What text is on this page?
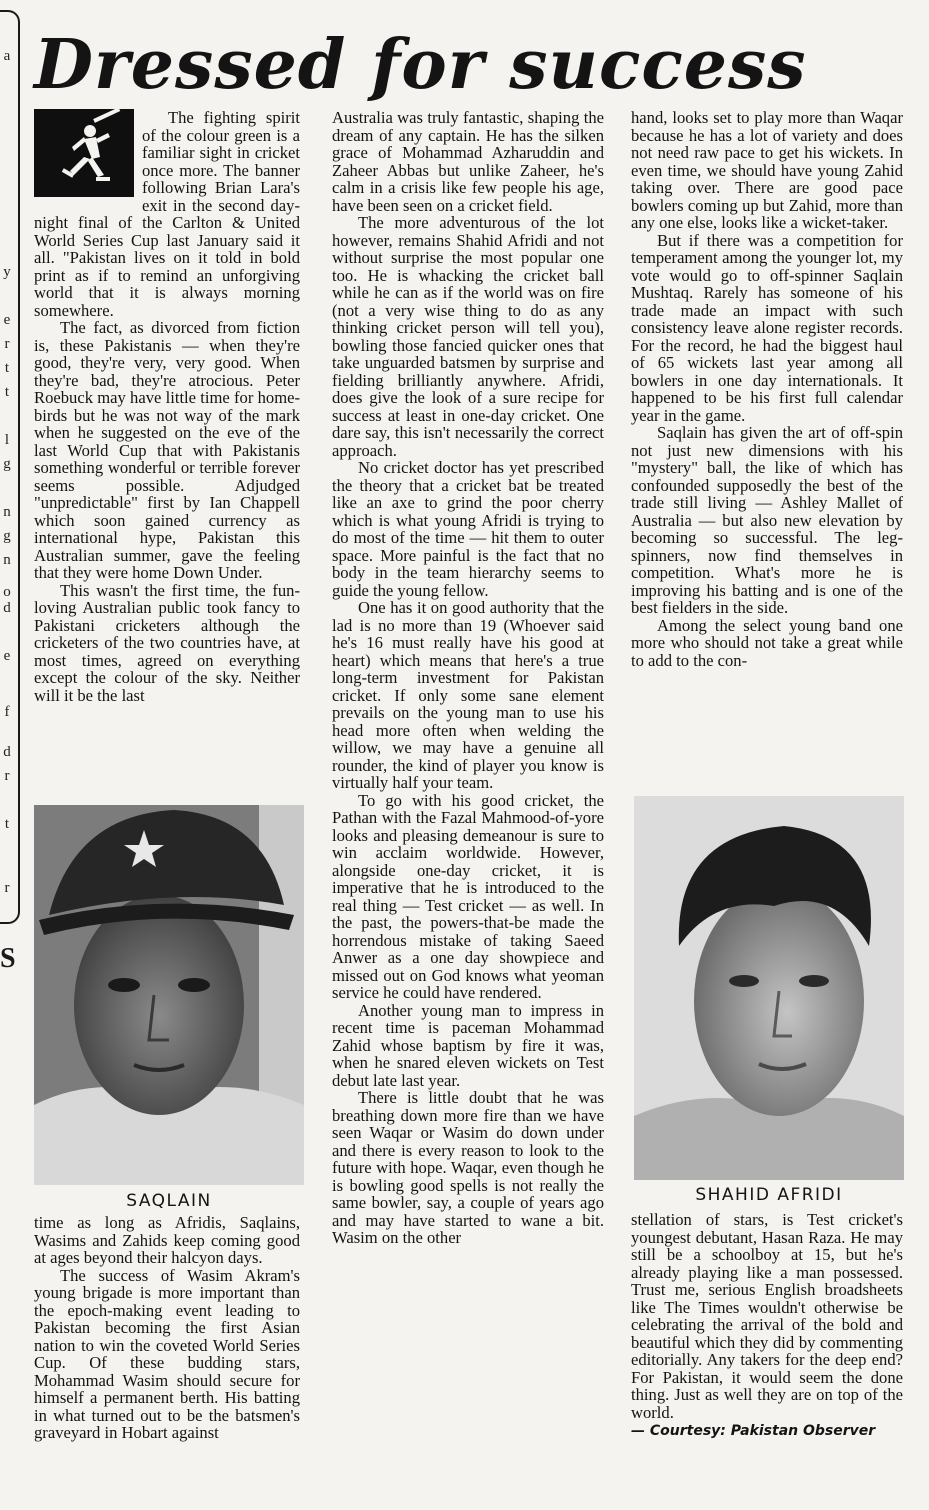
a
y
e
r
t
t
l
g
n
g
n
o
d
e
f
d
r
t
r
S
Dressed for success

The fighting spirit of the colour green is a familiar sight in cricket once more. The banner following Brian Lara's exit in the second day-night final of the Carlton & United World Series Cup last January said it all. "Pakistan lives on it told in bold print as if to remind an unforgiving world that it is always morning somewhere.

The fact, as divorced from fiction is, these Pakistanis — when they're good, they're very, very good. When they're bad, they're atrocious. Peter Roebuck may have little time for home-birds but he was not way of the mark when he suggested on the eve of the last World Cup that with Pakistanis something wonderful or terrible forever seems possible. Adjudged "unpredictable" first by Ian Chappell which soon gained currency as international hype, Pakistan this Australian summer, gave the feeling that they were home Down Under.

This wasn't the first time, the fun-loving Australian public took fancy to Pakistani cricketers although the cricketers of the two countries have, at most times, agreed on everything except the colour of the sky. Neither will it be the last

SAQLAIN

time as long as Afridis, Saqlains, Wasims and Zahids keep coming good at ages beyond their halcyon days.

The success of Wasim Akram's young brigade is more important than the epoch-making event leading to Pakistan becoming the first Asian nation to win the coveted World Series Cup. Of these budding stars, Mohammad Wasim should secure for himself a permanent berth. His batting in what turned out to be the batsmen's graveyard in Hobart against

Australia was truly fantastic, shaping the dream of any captain. He has the silken grace of Mohammad Azharuddin and Zaheer Abbas but unlike Zaheer, he's calm in a crisis like few people his age, have been seen on a cricket field.

The more adventurous of the lot however, remains Shahid Afridi and not without surprise the most popular one too. He is whacking the cricket ball while he can as if the world was on fire (not a very wise thing to do as any thinking cricket person will tell you), bowling those fancied quicker ones that take unguarded batsmen by surprise and fielding brilliantly anywhere. Afridi, does give the look of a sure recipe for success at least in one-day cricket. One dare say, this isn't necessarily the correct approach.

No cricket doctor has yet prescribed the theory that a cricket bat be treated like an axe to grind the poor cherry which is what young Afridi is trying to do most of the time — hit them to outer space. More painful is the fact that no body in the team hierarchy seems to guide the young fellow.

One has it on good authority that the lad is no more than 19 (Whoever said he's 16 must really have his good at heart) which means that here's a true long-term investment for Pakistan cricket. If only some sane element prevails on the young man to use his head more often when welding the willow, we may have a genuine all rounder, the kind of player you know is virtually half your team.

To go with his good cricket, the Pathan with the Fazal Mahmood-of-yore looks and pleasing demeanour is sure to win acclaim worldwide. However, alongside one-day cricket, it is imperative that he is introduced to the real thing — Test cricket — as well. In the past, the powers-that-be made the horrendous mistake of taking Saeed Anwer as a one day showpiece and missed out on God knows what yeoman service he could have rendered.

Another young man to impress in recent time is paceman Mohammad Zahid whose baptism by fire it was, when he snared eleven wickets on Test debut late last year.

There is little doubt that he was breathing down more fire than we have seen Waqar or Wasim do down under and there is every reason to look to the future with hope. Waqar, even though he is bowling good spells is not really the same bowler, say, a couple of years ago and may have started to wane a bit. Wasim on the other

hand, looks set to play more than Waqar because he has a lot of variety and does not need raw pace to get his wickets. In even time, we should have young Zahid taking over. There are good pace bowlers coming up but Zahid, more than any one else, looks like a wicket-taker.

But if there was a competition for temperament among the younger lot, my vote would go to off-spinner Saqlain Mushtaq. Rarely has someone of his trade made an impact with such consistency leave alone register records. For the record, he had the biggest haul of 65 wickets last year among all bowlers in one day internationals. It happened to be his first full calendar year in the game.

Saqlain has given the art of off-spin not just new dimensions with his "mystery" ball, the like of which has confounded supposedly the best of the trade still living — Ashley Mallet of Australia — but also new elevation by becoming so successful. The leg-spinners, now find themselves in competition. What's more he is improving his batting and is one of the best fielders in the side.

Among the select young band one more who should not take a great while to add to the con-

SHAHID AFRIDI

stellation of stars, is Test cricket's youngest debutant, Hasan Raza. He may still be a schoolboy at 15, but he's already playing like a man possessed. Trust me, serious English broadsheets like The Times wouldn't otherwise be celebrating the arrival of the bold and beautiful which they did by commenting editorially. Any takers for the deep end? For Pakistan, it would seem the done thing. Just as well they are on top of the world.

— Courtesy: Pakistan Observer
